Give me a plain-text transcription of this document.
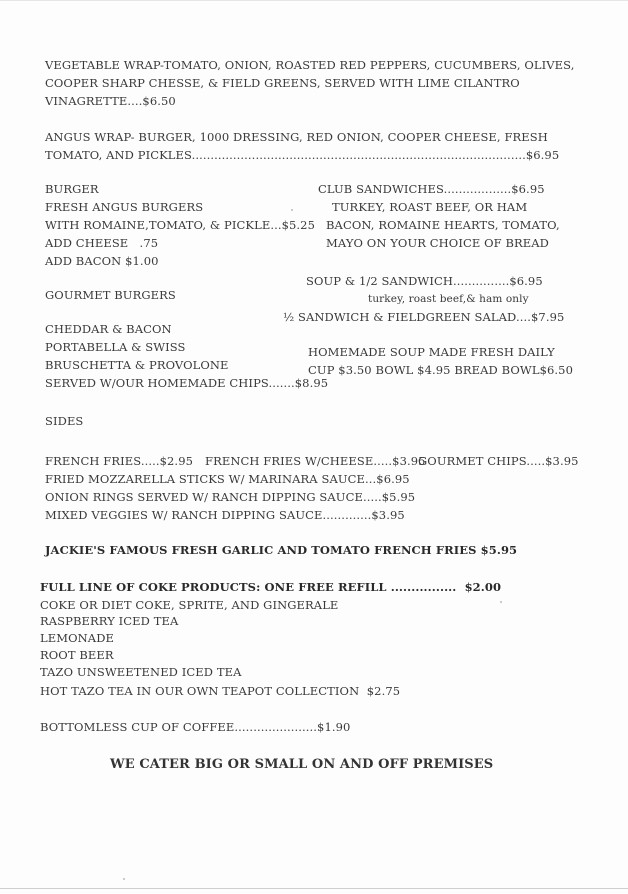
VEGETABLE WRAP-TOMATO, ONION, ROASTED RED PEPPERS, CUCUMBERS, OLIVES,
COOPER SHARP CHESSE, & FIELD GREENS, SERVED WITH LIME CILANTRO
VINAGRETTE....$6.50
ANGUS WRAP- BURGER, 1000 DRESSING, RED ONION, COOPER CHEESE, FRESH
TOMATO, AND PICKLES.........................................................................................$6.95
BURGER
FRESH ANGUS BURGERS
WITH ROMAINE,TOMATO, & PICKLE...$5.25
ADD CHEESE   .75
ADD BACON $1.00
CLUB SANDWICHES..................$6.95
TURKEY, ROAST BEEF, OR HAM
BACON, ROMAINE HEARTS, TOMATO,
MAYO ON YOUR CHOICE OF BREAD
SOUP & 1/2 SANDWICH...............$6.95
turkey, roast beef,& ham only
½ SANDWICH & FIELDGREEN SALAD....$7.95
GOURMET BURGERS
CHEDDAR & BACON
PORTABELLA & SWISS
BRUSCHETTA & PROVOLONE
SERVED W/OUR HOMEMADE CHIPS.......$8.95
HOMEMADE SOUP MADE FRESH DAILY
CUP $3.50 BOWL $4.95 BREAD BOWL$6.50
SIDES
FRENCH FRIES.....$2.95 FRENCH FRIES W/CHEESE.....$3.95
GOURMET CHIPS.....$3.95
FRIED MOZZARELLA STICKS W/ MARINARA SAUCE...$6.95
ONION RINGS SERVED W/ RANCH DIPPING SAUCE.....$5.95
MIXED VEGGIES W/ RANCH DIPPING SAUCE.............$3.95
JACKIE'S FAMOUS FRESH GARLIC AND TOMATO FRENCH FRIES $5.95
FULL LINE OF COKE PRODUCTS: ONE FREE REFILL ................  $2.00
COKE OR DIET COKE, SPRITE, AND GINGERALE
RASPBERRY ICED TEA
LEMONADE
ROOT BEER
TAZO UNSWEETENED ICED TEA
HOT TAZO TEA IN OUR OWN TEAPOT COLLECTION  $2.75
BOTTOMLESS CUP OF COFFEE......................$1.90
WE CATER BIG OR SMALL ON AND OFF PREMISES
